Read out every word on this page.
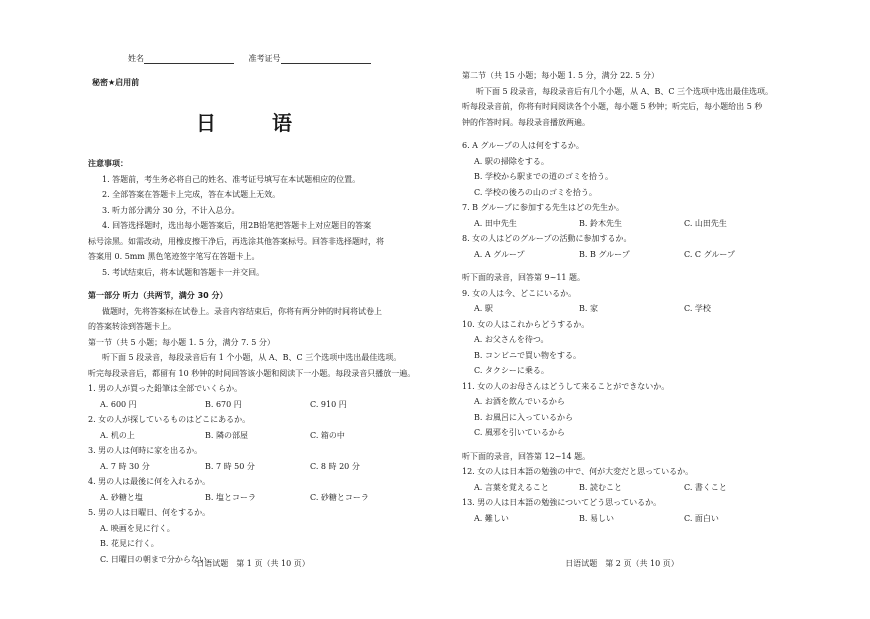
姓名	准考证号
秘密★启用前
日　语
注意事项：
1. 答题前，考生务必将自己的姓名、准考证号填写在本试题相应的位置。
2. 全部答案在答题卡上完成，答在本试题上无效。
3. 听力部分满分 30 分，不计入总分。
4. 回答选择题时，选出每小题答案后，用2B铅笔把答题卡上对应题目的答案
标号涂黑。如需改动，用橡皮擦干净后，再选涂其他答案标号。回答非选择题时，将
答案用 0. 5mm 黑色笔迹签字笔写在答题卡上。
5. 考试结束后，将本试题和答题卡一并交回。
第一部分 听力（共两节，满分 30 分）
做题时，先将答案标在试卷上。录音内容结束后，你将有两分钟的时间将试卷上
的答案转涂到答题卡上。
第一节（共 5 小题；每小题 1. 5 分，满分 7. 5 分）
听下面 5 段录音，每段录音后有 1 个小题，从 A、B、C 三个选项中选出最佳选项。
听完每段录音后，都留有 10 秒钟的时间回答该小题和阅读下一小题。每段录音只播放一遍。
1. 男の人が買った鉛筆は全部でいくらか。
A. 600 円	B. 670 円	C. 910 円
2. 女の人が探しているものはどこにあるか。
A. 机の上	B. 隣の部屋	C. 箱の中
3. 男の人は何時に家を出るか。
A. 7 時 30 分	B. 7 時 50 分	C. 8 時 20 分
4. 男の人は最後に何を入れるか。
A. 砂糖と塩	B. 塩とコーラ	C. 砂糖とコーラ
5. 男の人は日曜日、何をするか。
A. 映画を見に行く。
B. 花見に行く。
C. 日曜日の朝まで分からない。
日语试题　第 1 页（共 10 页）
第二节（共 15 小题；每小题 1. 5 分，满分 22. 5 分）
听下面 5 段录音，每段录音后有几个小题，从 A、B、C 三个选项中选出最佳选项。
听每段录音前，你将有时间阅读各个小题，每小题 5 秒钟；听完后，每小题给出 5 秒
钟的作答时间。每段录音播放两遍。
6. A グループの人は何をするか。
A. 駅の掃除をする。
B. 学校から駅までの道のゴミを拾う。
C. 学校の後ろの山のゴミを拾う。
7. B グループに参加する先生はどの先生か。
A. 田中先生	B. 鈴木先生	C. 山田先生
8. 女の人はどのグループの活動に参加するか。
A. A グループ	B. B グループ	C. C グループ
听下面的录音，回答第 9~11 题。
9. 女の人は今、どこにいるか。
A. 駅	B. 家	C. 学校
10. 女の人はこれからどうするか。
A. お父さんを待つ。
B. コンビニで買い物をする。
C. タクシーに乗る。
11. 女の人のお母さんはどうして来ることができないか。
A. お酒を飲んでいるから
B. お風呂に入っているから
C. 風邪を引いているから
听下面的录音，回答第 12~14 题。
12. 女の人は日本語の勉強の中で、何が大変だと思っているか。
A. 言葉を覚えること	B. 読むこと	C. 書くこと
13. 男の人は日本語の勉強についてどう思っているか。
A. 難しい	B. 易しい	C. 面白い
日语试题　第 2 页（共 10 页）
